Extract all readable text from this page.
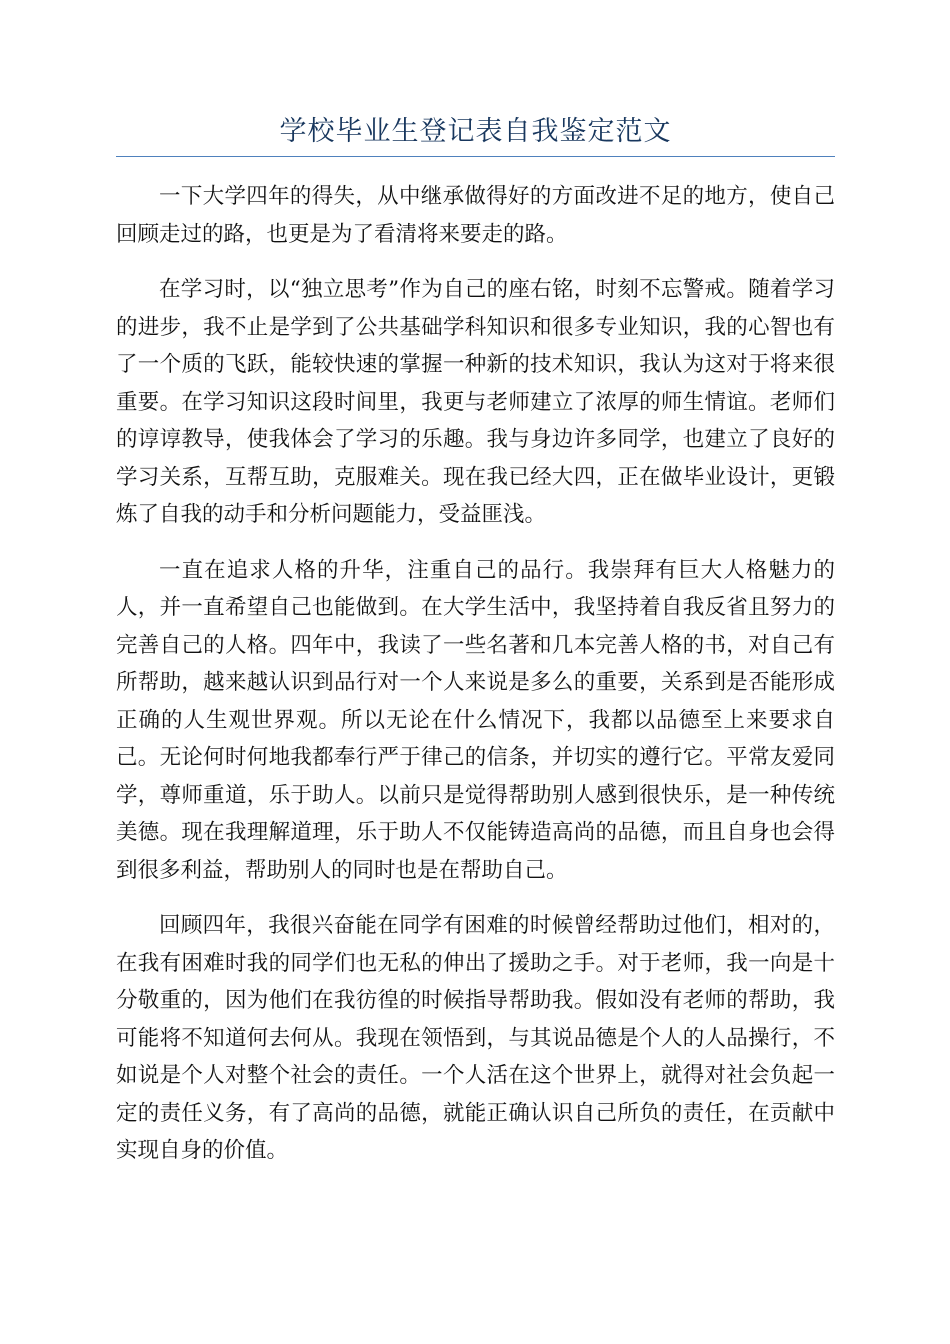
学校毕业生登记表自我鉴定范文

一下大学四年的得失，从中继承做得好的方面改进不足的地方，使自己回顾走过的路，也更是为了看清将来要走的路。

在学习时，以“独立思考”作为自己的座右铭，时刻不忘警戒。随着学习的进步，我不止是学到了公共基础学科知识和很多专业知识，我的心智也有了一个质的飞跃，能较快速的掌握一种新的技术知识，我认为这对于将来很重要。在学习知识这段时间里，我更与老师建立了浓厚的师生情谊。老师们的谆谆教导，使我体会了学习的乐趣。我与身边许多同学，也建立了良好的学习关系，互帮互助，克服难关。现在我已经大四，正在做毕业设计，更锻炼了自我的动手和分析问题能力，受益匪浅。

一直在追求人格的升华，注重自己的品行。我崇拜有巨大人格魅力的人，并一直希望自己也能做到。在大学生活中，我坚持着自我反省且努力的完善自己的人格。四年中，我读了一些名著和几本完善人格的书，对自己有所帮助，越来越认识到品行对一个人来说是多么的重要，关系到是否能形成正确的人生观世界观。所以无论在什么情况下，我都以品德至上来要求自己。无论何时何地我都奉行严于律己的信条，并切实的遵行它。平常友爱同学，尊师重道，乐于助人。以前只是觉得帮助别人感到很快乐，是一种传统美德。现在我理解道理，乐于助人不仅能铸造高尚的品德，而且自身也会得到很多利益，帮助别人的同时也是在帮助自己。

回顾四年，我很兴奋能在同学有困难的时候曾经帮助过他们，相对的，在我有困难时我的同学们也无私的伸出了援助之手。对于老师，我一向是十分敬重的，因为他们在我彷徨的时候指导帮助我。假如没有老师的帮助，我可能将不知道何去何从。我现在领悟到，与其说品德是个人的人品操行，不如说是个人对整个社会的责任。一个人活在这个世界上，就得对社会负起一定的责任义务，有了高尚的品德，就能正确认识自己所负的责任，在贡献中实现自身的价值。
